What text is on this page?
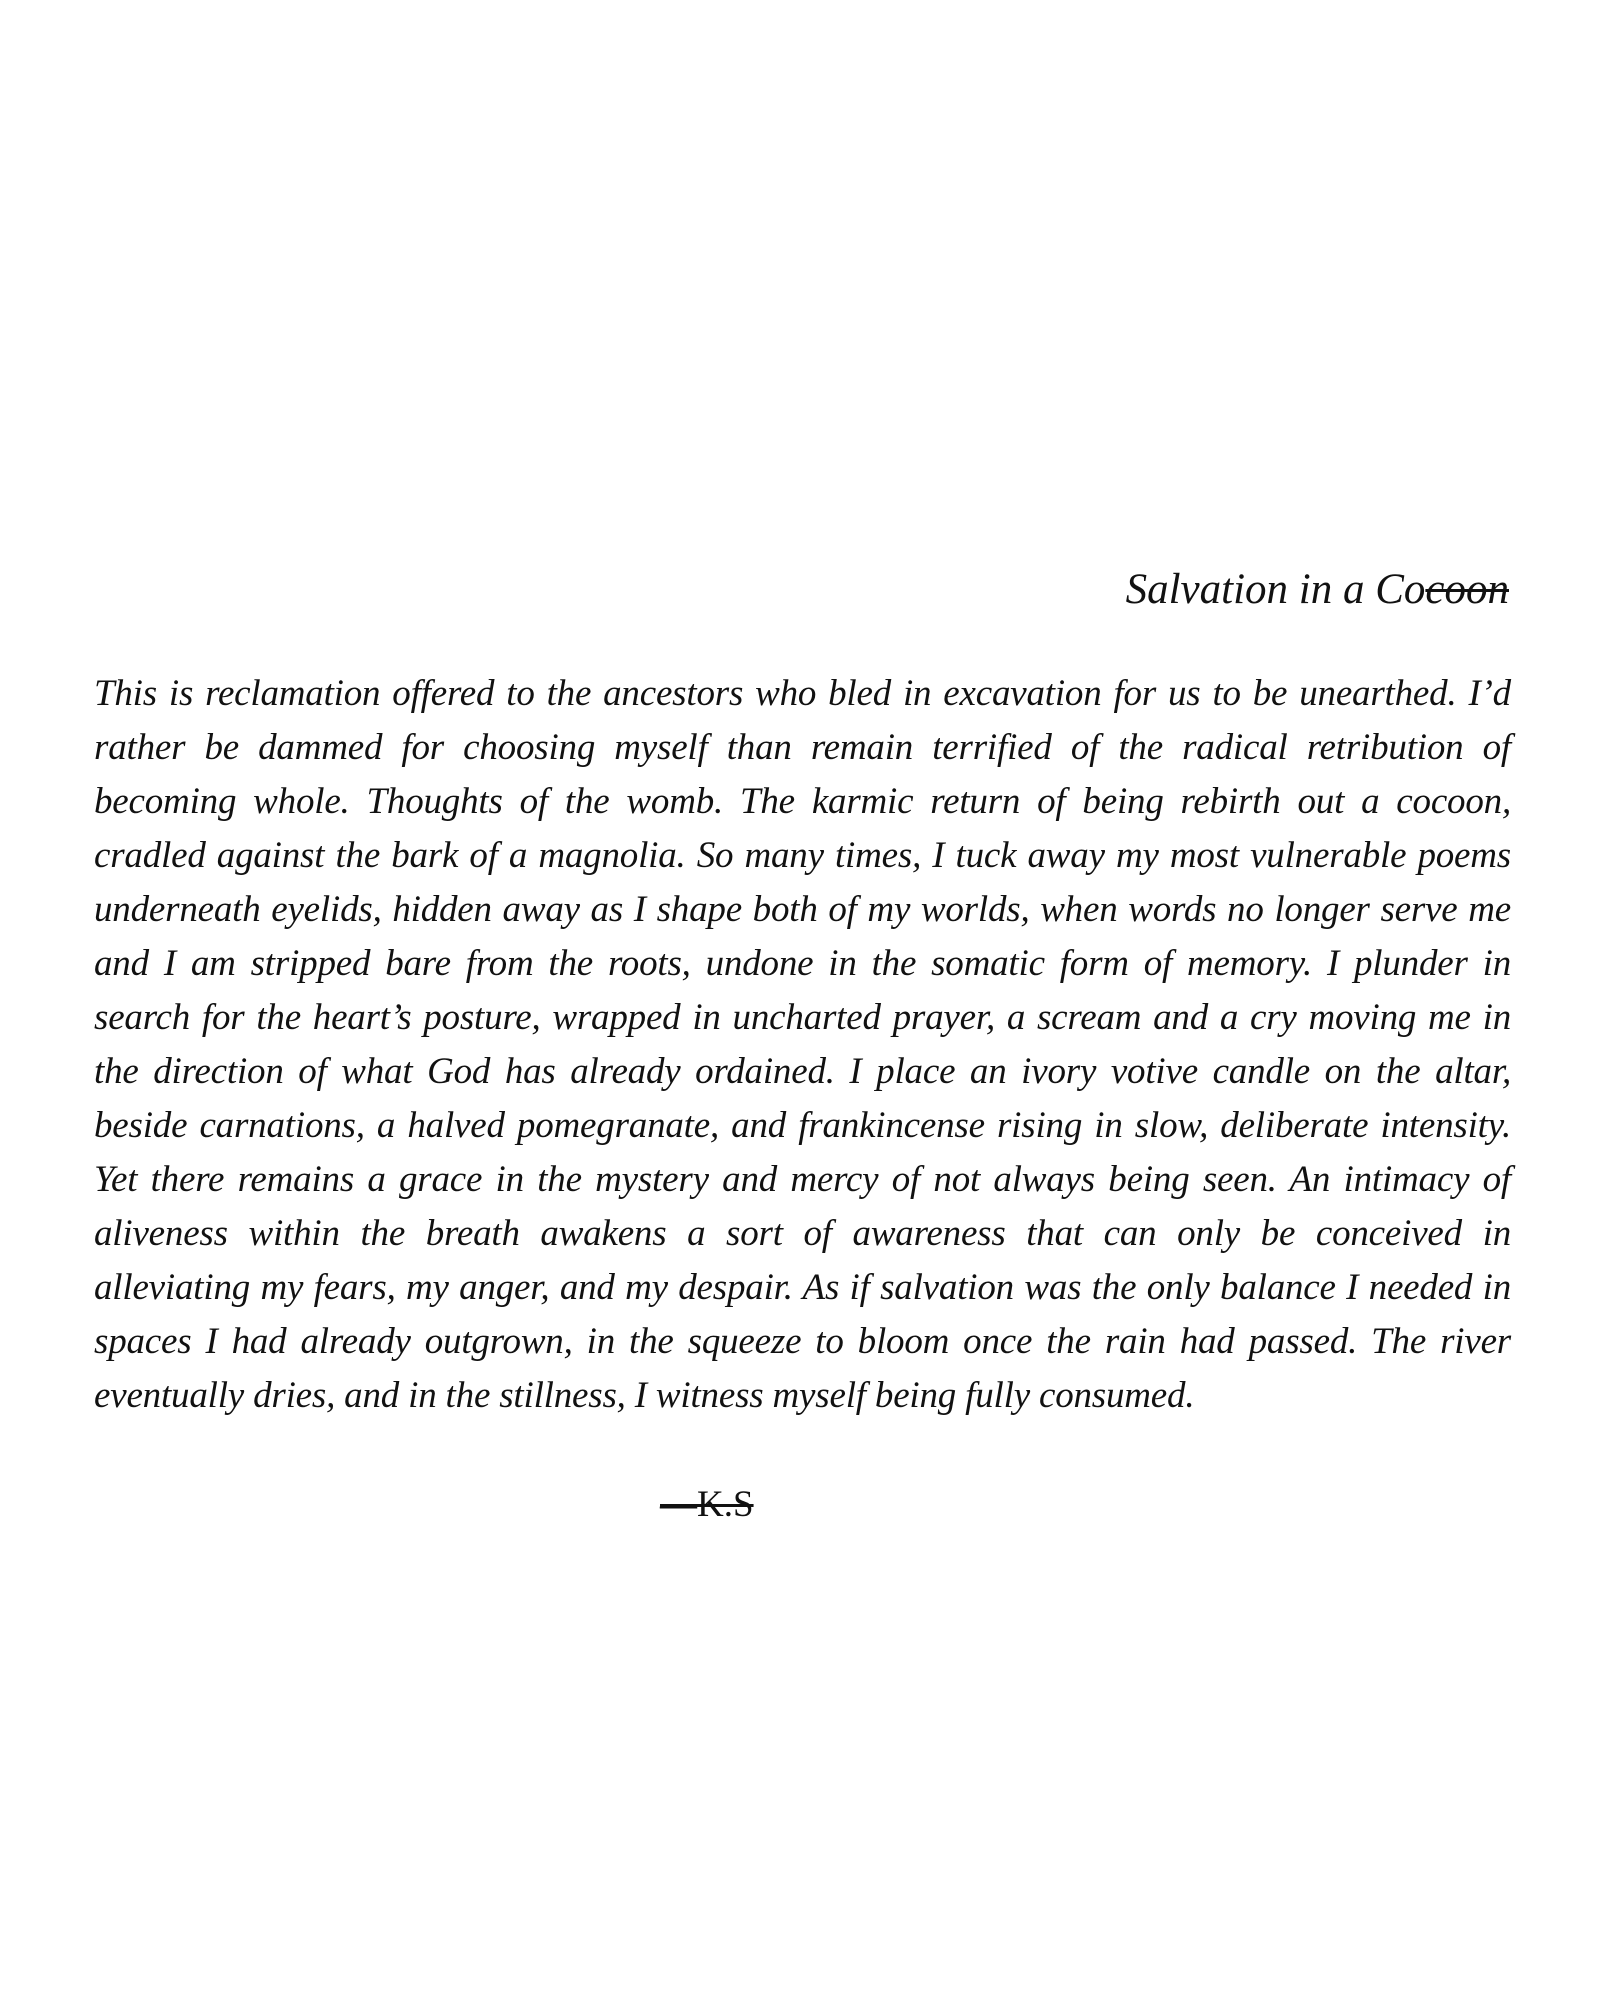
Salvation in a Cocoon

This is reclamation offered to the ancestors who bled in excavation for us to be unearthed. I’d rather be dammed for choosing myself than remain terrified of the radical retribution of becoming whole. Thoughts of the womb. The karmic return of being rebirth out a cocoon, cradled against the bark of a magnolia. So many times, I tuck away my most vulnerable poems underneath eyelids, hidden away as I shape both of my worlds, when words no longer serve me and I am stripped bare from the roots, undone in the somatic form of memory. I plunder in search for the heart’s posture, wrapped in uncharted prayer, a scream and a cry moving me in the direction of what God has already ordained. I place an ivory votive candle on the altar, beside carnations, a halved pomegranate, and frankincense rising in slow, deliberate intensity. Yet there remains a grace in the mystery and mercy of not always being seen. An intimacy of aliveness within the breath awakens a sort of awareness that can only be conceived in alleviating my fears, my anger, and my despair. As if salvation was the only balance I needed in spaces I had already outgrown, in the squeeze to bloom once the rain had passed. The river eventually dries, and in the stillness, I witness myself being fully consumed.

—K.S
